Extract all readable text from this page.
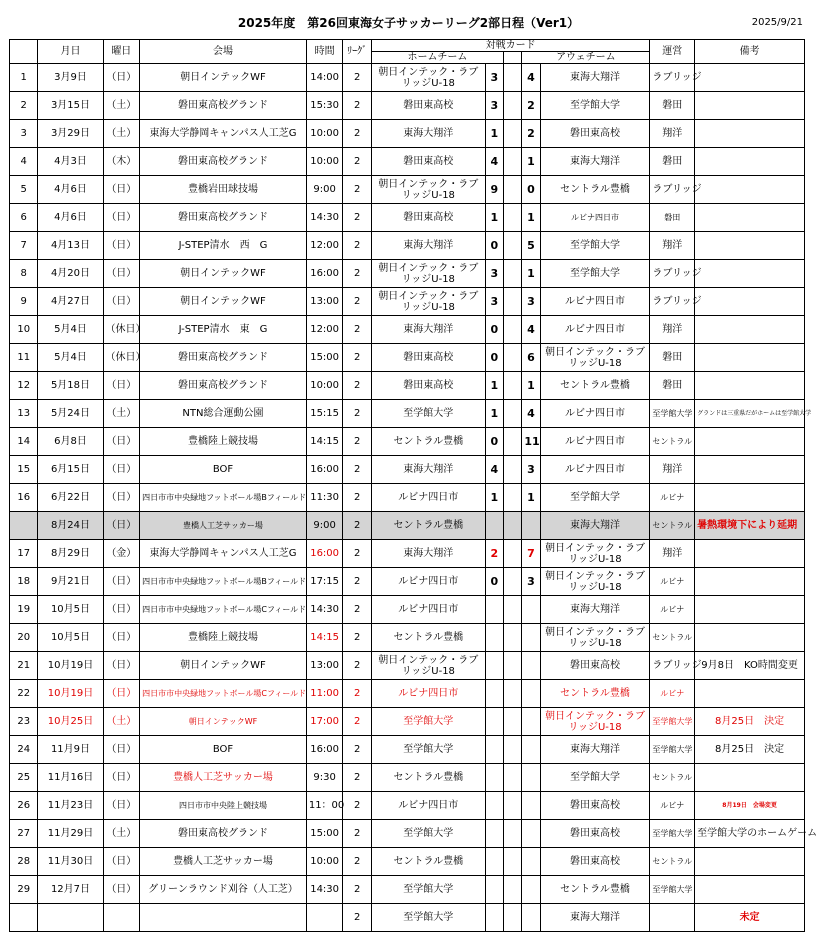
2025年度　第26回東海女子サッカーリーグ2部日程（Ver1）	2025/9/21
	月日	曜日	会場	時間	ﾘｰｸﾞ	対戦カード					運営	備考
						ホームチーム			アウェチーム			
1	3月9日	（日）	朝日インテックWF	14:00	2	朝日インテック・ラブリッジU-18	3		4	東海大翔洋	ラブリッジ	
2	3月15日	（土）	磐田東高校グランド	15:30	2	磐田東高校	3		2	至学館大学	磐田	
3	3月29日	（土）	東海大学静岡キャンパス人工芝G	10:00	2	東海大翔洋	1		2	磐田東高校	翔洋	
4	4月3日	（木）	磐田東高校グランド	10:00	2	磐田東高校	4		1	東海大翔洋	磐田	
5	4月6日	（日）	豊橋岩田球技場	9:00	2	朝日インテック・ラブリッジU-18	9		0	セントラル豊橋	ラブリッジ	
6	4月6日	（日）	磐田東高校グランド	14:30	2	磐田東高校	1		1	ルビナ四日市	磐田	
7	4月13日	（日）	J-STEP清水　西　G	12:00	2	東海大翔洋	0		5	至学館大学	翔洋	
8	4月20日	（日）	朝日インテックWF	16:00	2	朝日インテック・ラブリッジU-18	3		1	至学館大学	ラブリッジ	
9	4月27日	（日）	朝日インテックWF	13:00	2	朝日インテック・ラブリッジU-18	3		3	ルビナ四日市	ラブリッジ	
10	5月4日	（休日）	J-STEP清水　東　G	12:00	2	東海大翔洋	0		4	ルビナ四日市	翔洋	
11	5月4日	（休日）	磐田東高校グランド	15:00	2	磐田東高校	0		6	朝日インテック・ラブリッジU-18	磐田	
12	5月18日	（日）	磐田東高校グランド	10:00	2	磐田東高校	1		1	セントラル豊橋	磐田	
13	5月24日	（土）	NTN総合運動公園	15:15	2	至学館大学	1		4	ルビナ四日市	至学館大学	グランドは三重県だがホームは至学館大学
14	6月8日	（日）	豊橋陸上競技場	14:15	2	セントラル豊橋	0		11	ルビナ四日市	セントラル	
15	6月15日	（日）	BOF	16:00	2	東海大翔洋	4		3	ルビナ四日市	翔洋	
16	6月22日	（日）	四日市市中央緑地フットボール場Bフィールド	11:30	2	ルビナ四日市	1		1	至学館大学	ルビナ	
	8月24日	（日）	豊橋人工芝サッカー場	9:00	2	セントラル豊橋				東海大翔洋	セントラル	暑熱環境下により延期
17	8月29日	（金）	東海大学静岡キャンパス人工芝G	16:00	2	東海大翔洋	2		7	朝日インテック・ラブリッジU-18	翔洋	
18	9月21日	（日）	四日市市中央緑地フットボール場Bフィールド	17:15	2	ルビナ四日市	0		3	朝日インテック・ラブリッジU-18	ルビナ	
19	10月5日	（日）	四日市市中央緑地フットボール場Cフィールド	14:30	2	ルビナ四日市				東海大翔洋	ルビナ	
20	10月5日	（日）	豊橋陸上競技場	14:15	2	セントラル豊橋				朝日インテック・ラブリッジU-18	セントラル	
21	10月19日	（日）	朝日インテックWF	13:00	2	朝日インテック・ラブリッジU-18				磐田東高校	ラブリッジ	9月8日　KO時間変更
22	10月19日	（日）	四日市市中央緑地フットボール場Cフィールド	11:00	2	ルビナ四日市				セントラル豊橋	ルビナ	
23	10月25日	（土）	朝日インテックWF	17:00	2	至学館大学				朝日インテック・ラブリッジU-18	至学館大学	8月25日　決定
24	11月9日	（日）	BOF	16:00	2	至学館大学				東海大翔洋	至学館大学	8月25日　決定
25	11月16日	（日）	豊橋人工芝サッカー場	9:30	2	セントラル豊橋				至学館大学	セントラル	
26	11月23日	（日）	四日市市中央陸上競技場	11：00	2	ルビナ四日市				磐田東高校	ルビナ	8月19日　会場変更
27	11月29日	（土）	磐田東高校グランド	15:00	2	至学館大学				磐田東高校	至学館大学	至学館大学のホームゲーム
28	11月30日	（日）	豊橋人工芝サッカー場	10:00	2	セントラル豊橋				磐田東高校	セントラル	
29	12月7日	（日）	グリーンラウンド刈谷（人工芝）	14:30	2	至学館大学				セントラル豊橋	至学館大学	
					2	至学館大学				東海大翔洋		未定
